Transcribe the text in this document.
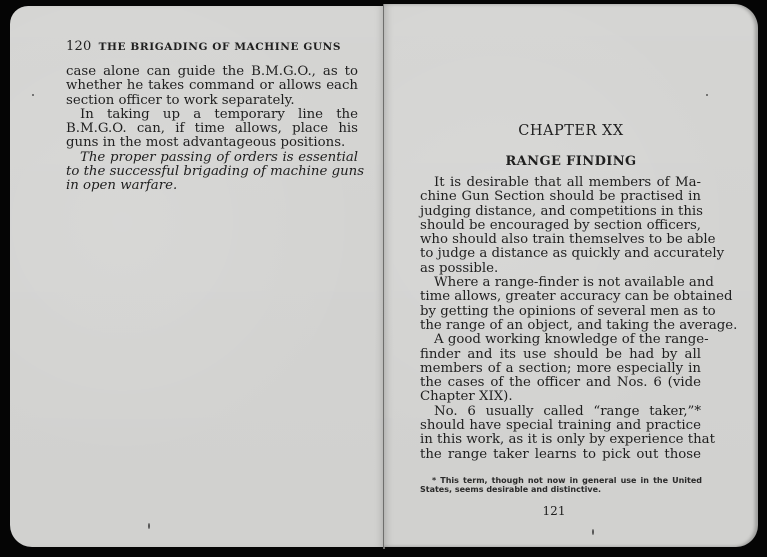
120 THE BRIGADING OF MACHINE GUNS
case alone can guide the B.M.G.O., as to
whether he takes command or allows each
section officer to work separately.
In taking up a temporary line the
B.M.G.O. can, if time allows, place his
guns in the most advantageous positions.
The proper passing of orders is essential
to the successful brigading of machine guns
in open warfare.
CHAPTER XX
RANGE FINDING
It is desirable that all members of Ma-
chine Gun Section should be practised in
judging distance, and competitions in this
should be encouraged by section officers,
who should also train themselves to be able
to judge a distance as quickly and accurately
as possible.
Where a range-finder is not available and
time allows, greater accuracy can be obtained
by getting the opinions of several men as to
the range of an object, and taking the average.
A good working knowledge of the range-
finder and its use should be had by all
members of a section; more especially in
the cases of the officer and Nos. 6 (vide
Chapter XIX).
No. 6 usually called “range taker,”*
should have special training and practice
in this work, as it is only by experience that
the range taker learns to pick out those
* This term, though not now in general use in the United
States, seems desirable and distinctive.
121
